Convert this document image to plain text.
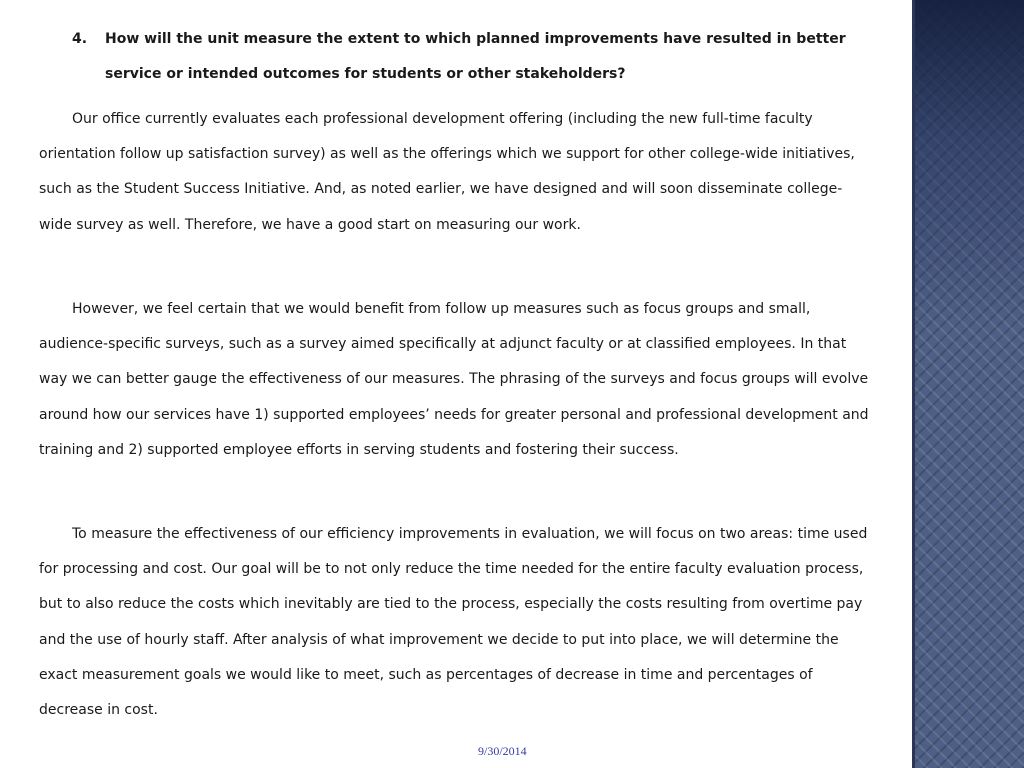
4.	How will the unit measure the extent to which planned improvements have resulted in better service or intended outcomes for students or other stakeholders?

Our office currently evaluates each professional development offering (including the new full-time faculty orientation follow up satisfaction survey) as well as the offerings which we support for other college-wide initiatives, such as the Student Success Initiative. And, as noted earlier, we have designed and will soon disseminate college-wide survey as well. Therefore, we have a good start on measuring our work.

However, we feel certain that we would benefit from follow up measures such as focus groups and small, audience-specific surveys, such as a survey aimed specifically at adjunct faculty or at classified employees. In that way we can better gauge the effectiveness of our measures. The phrasing of the surveys and focus groups will evolve around how our services have 1) supported employees’ needs for greater personal and professional development and training and 2) supported employee efforts in serving students and fostering their success.

To measure the effectiveness of our efficiency improvements in evaluation, we will focus on two areas: time used for processing and cost. Our goal will be to not only reduce the time needed for the entire faculty evaluation process, but to also reduce the costs which inevitably are tied to the process, especially the costs resulting from overtime pay and the use of hourly staff. After analysis of what improvement we decide to put into place, we will determine the exact measurement goals we would like to meet, such as percentages of decrease in time and percentages of decrease in cost.

9/30/2014
